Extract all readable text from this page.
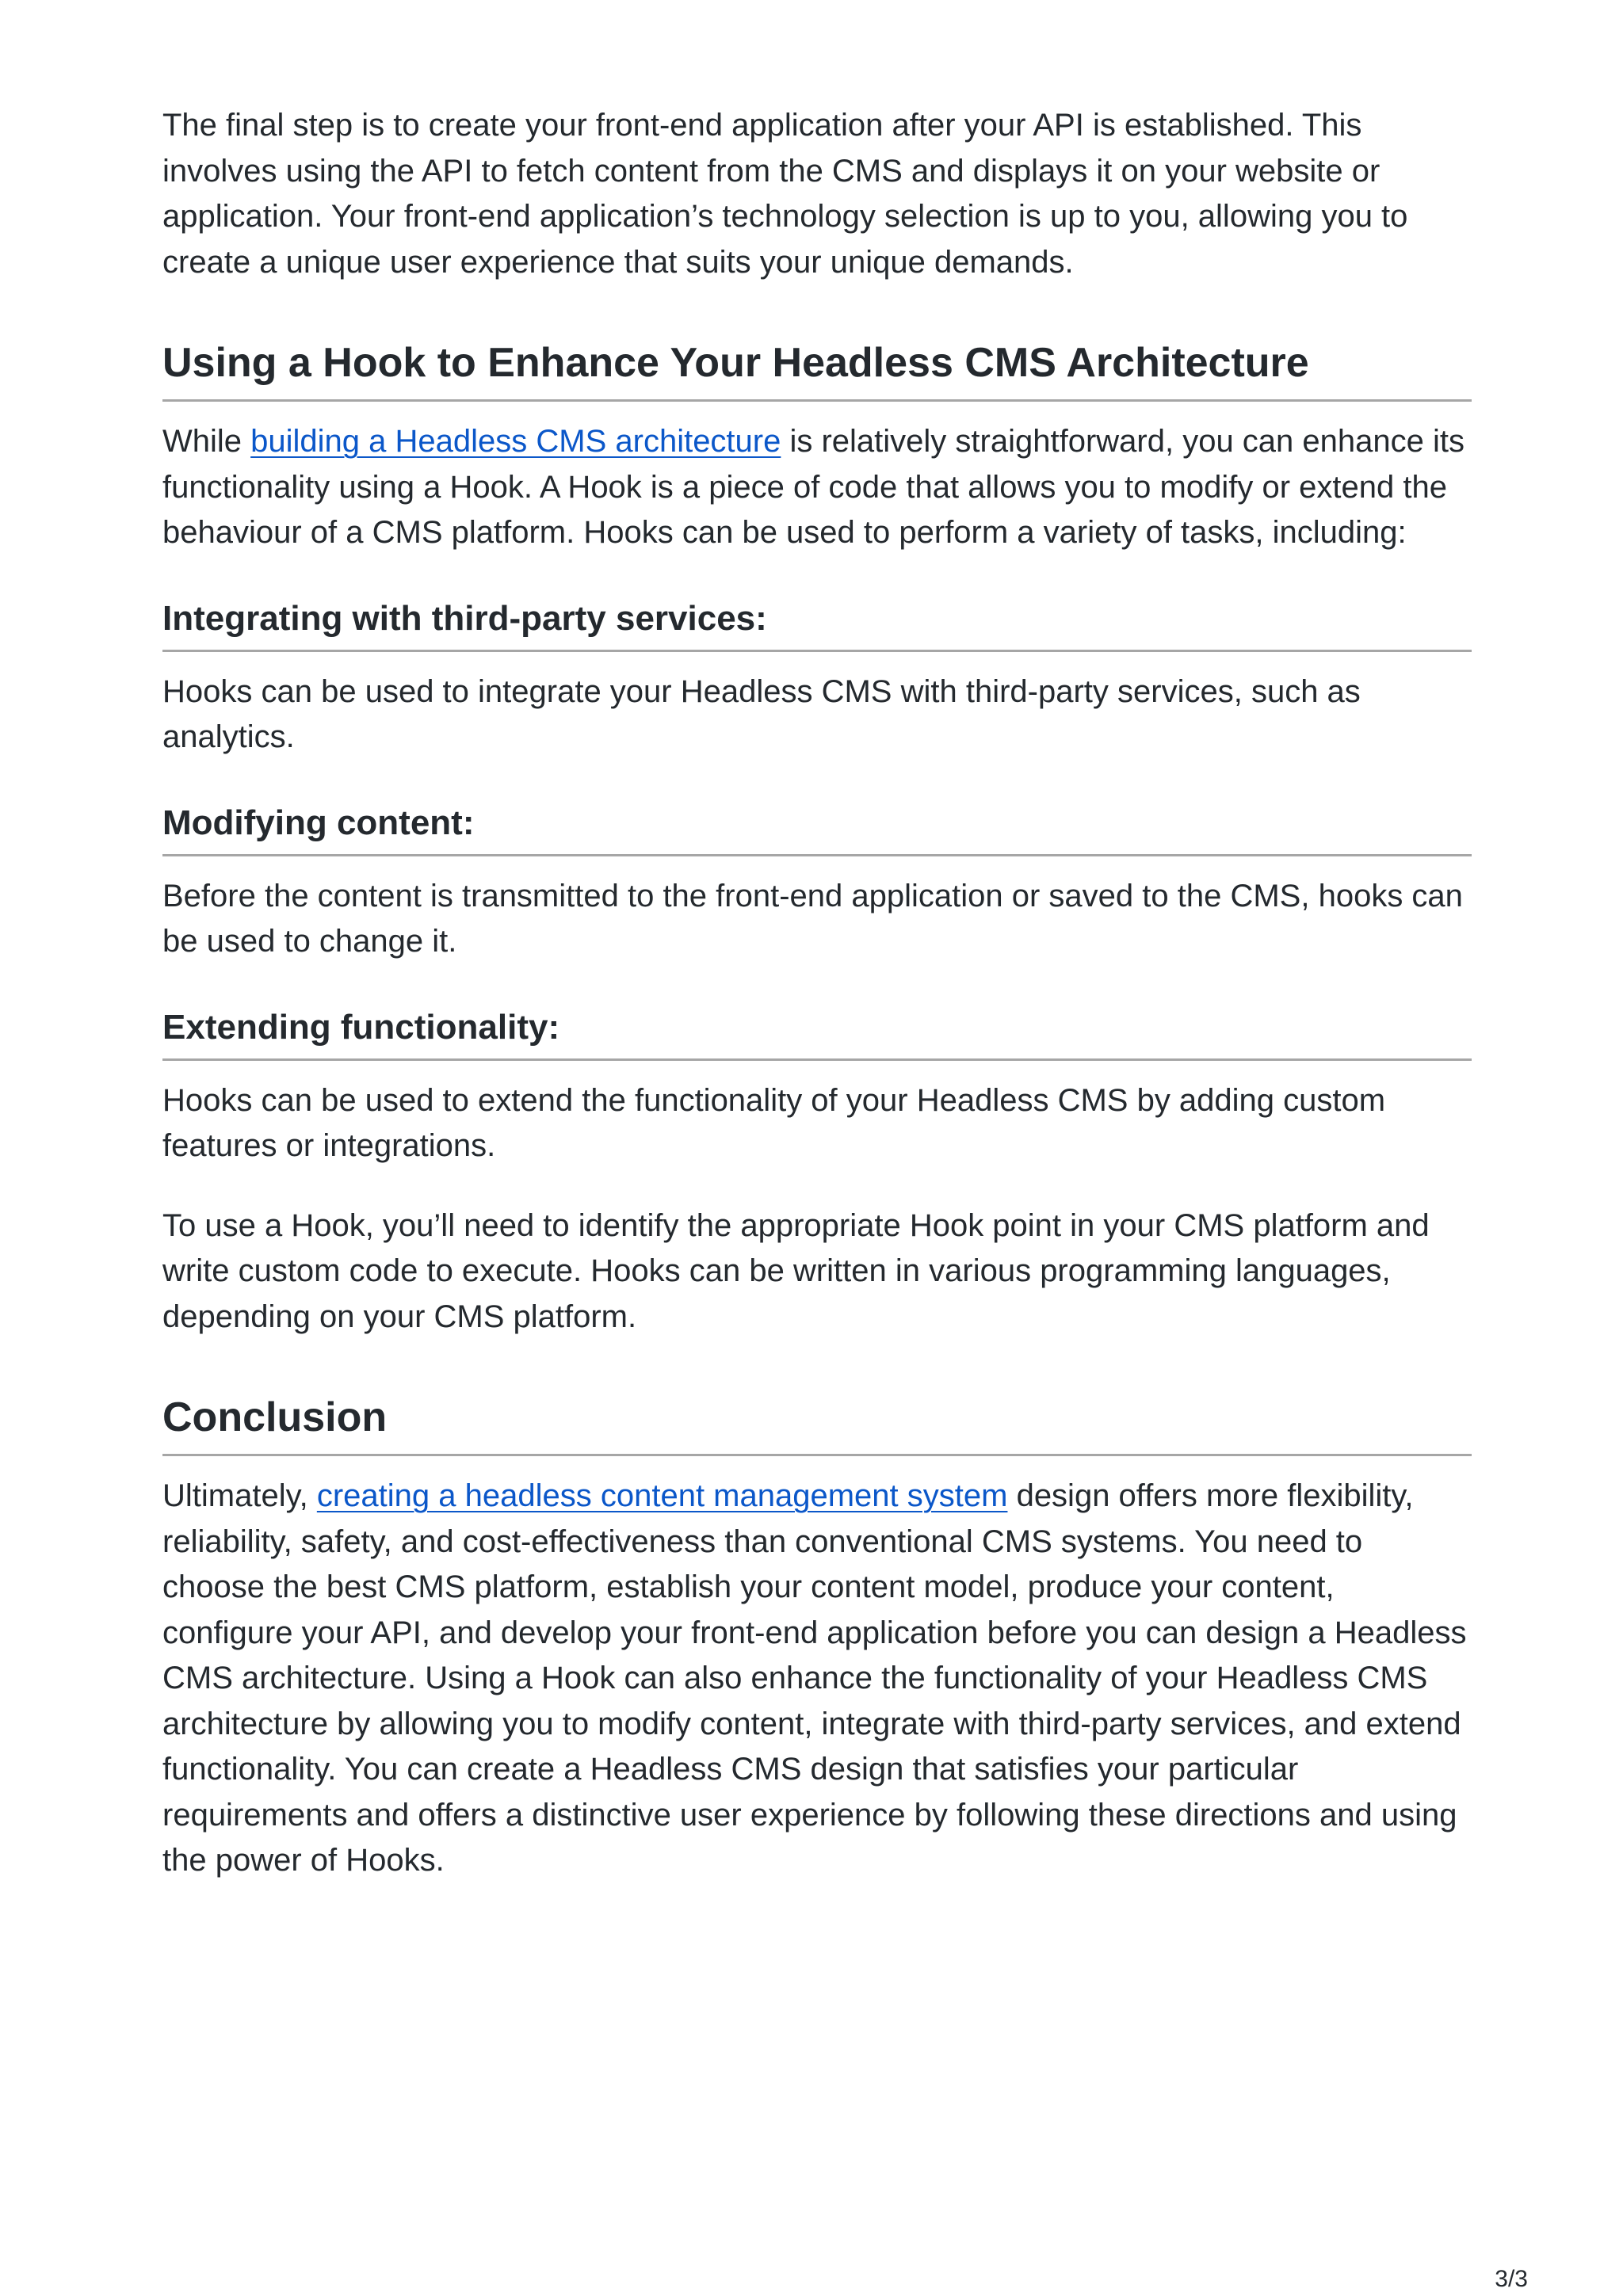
The final step is to create your front-end application after your API is established. This involves using the API to fetch content from the CMS and displays it on your website or application. Your front-end application’s technology selection is up to you, allowing you to create a unique user experience that suits your unique demands.

Using a Hook to Enhance Your Headless CMS Architecture

While building a Headless CMS architecture is relatively straightforward, you can enhance its functionality using a Hook. A Hook is a piece of code that allows you to modify or extend the behaviour of a CMS platform. Hooks can be used to perform a variety of tasks, including:

Integrating with third-party services:

Hooks can be used to integrate your Headless CMS with third-party services, such as analytics.

Modifying content:

Before the content is transmitted to the front-end application or saved to the CMS, hooks can be used to change it.

Extending functionality:

Hooks can be used to extend the functionality of your Headless CMS by adding custom features or integrations.

To use a Hook, you’ll need to identify the appropriate Hook point in your CMS platform and write custom code to execute. Hooks can be written in various programming languages, depending on your CMS platform.

Conclusion

Ultimately, creating a headless content management system design offers more flexibility, reliability, safety, and cost-effectiveness than conventional CMS systems. You need to choose the best CMS platform, establish your content model, produce your content, configure your API, and develop your front-end application before you can design a Headless CMS architecture. Using a Hook can also enhance the functionality of your Headless CMS architecture by allowing you to modify content, integrate with third-party services, and extend functionality. You can create a Headless CMS design that satisfies your particular requirements and offers a distinctive user experience by following these directions and using the power of Hooks.

3/3
